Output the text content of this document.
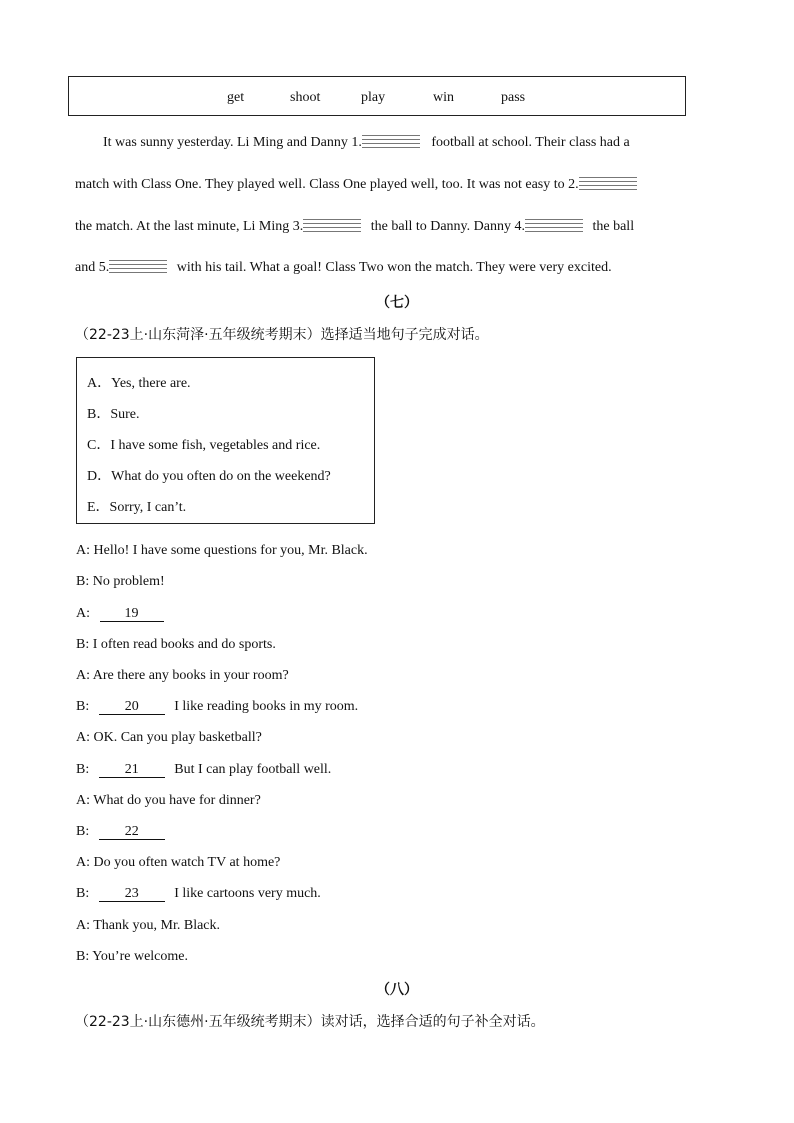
get	shoot	play	win	pass
It was sunny yesterday. Li Ming and Danny 1.	football at school. Their class had a
match with Class One. They played well. Class One played well, too. It was not easy to 2.
the match. At the last minute, Li Ming 3.	the ball to Danny. Danny 4.	the ball
and 5.	with his tail. What a goal! Class Two won the match. They were very excited.
（七）
（22-23上·山东菏泽·五年级统考期末）选择适当地句子完成对话。
A．Yes, there are.
B．Sure.
C．I have some fish, vegetables and rice.
D．What do you often do on the weekend?
E．Sorry, I can’t.
A: Hello! I have some questions for you, Mr. Black.
B: No problem!
A: 19
B: I often read books and do sports.
A: Are there any books in your room?
B:	20	I like reading books in my room.
A: OK. Can you play basketball?
B:	21	But I can play football well.
A: What do you have for dinner?
B:	22
A: Do you often watch TV at home?
B:	23	I like cartoons very much.
A: Thank you, Mr. Black.
B: You’re welcome.
（八）
（22-23上·山东德州·五年级统考期末）读对话，选择合适的句子补全对话。
